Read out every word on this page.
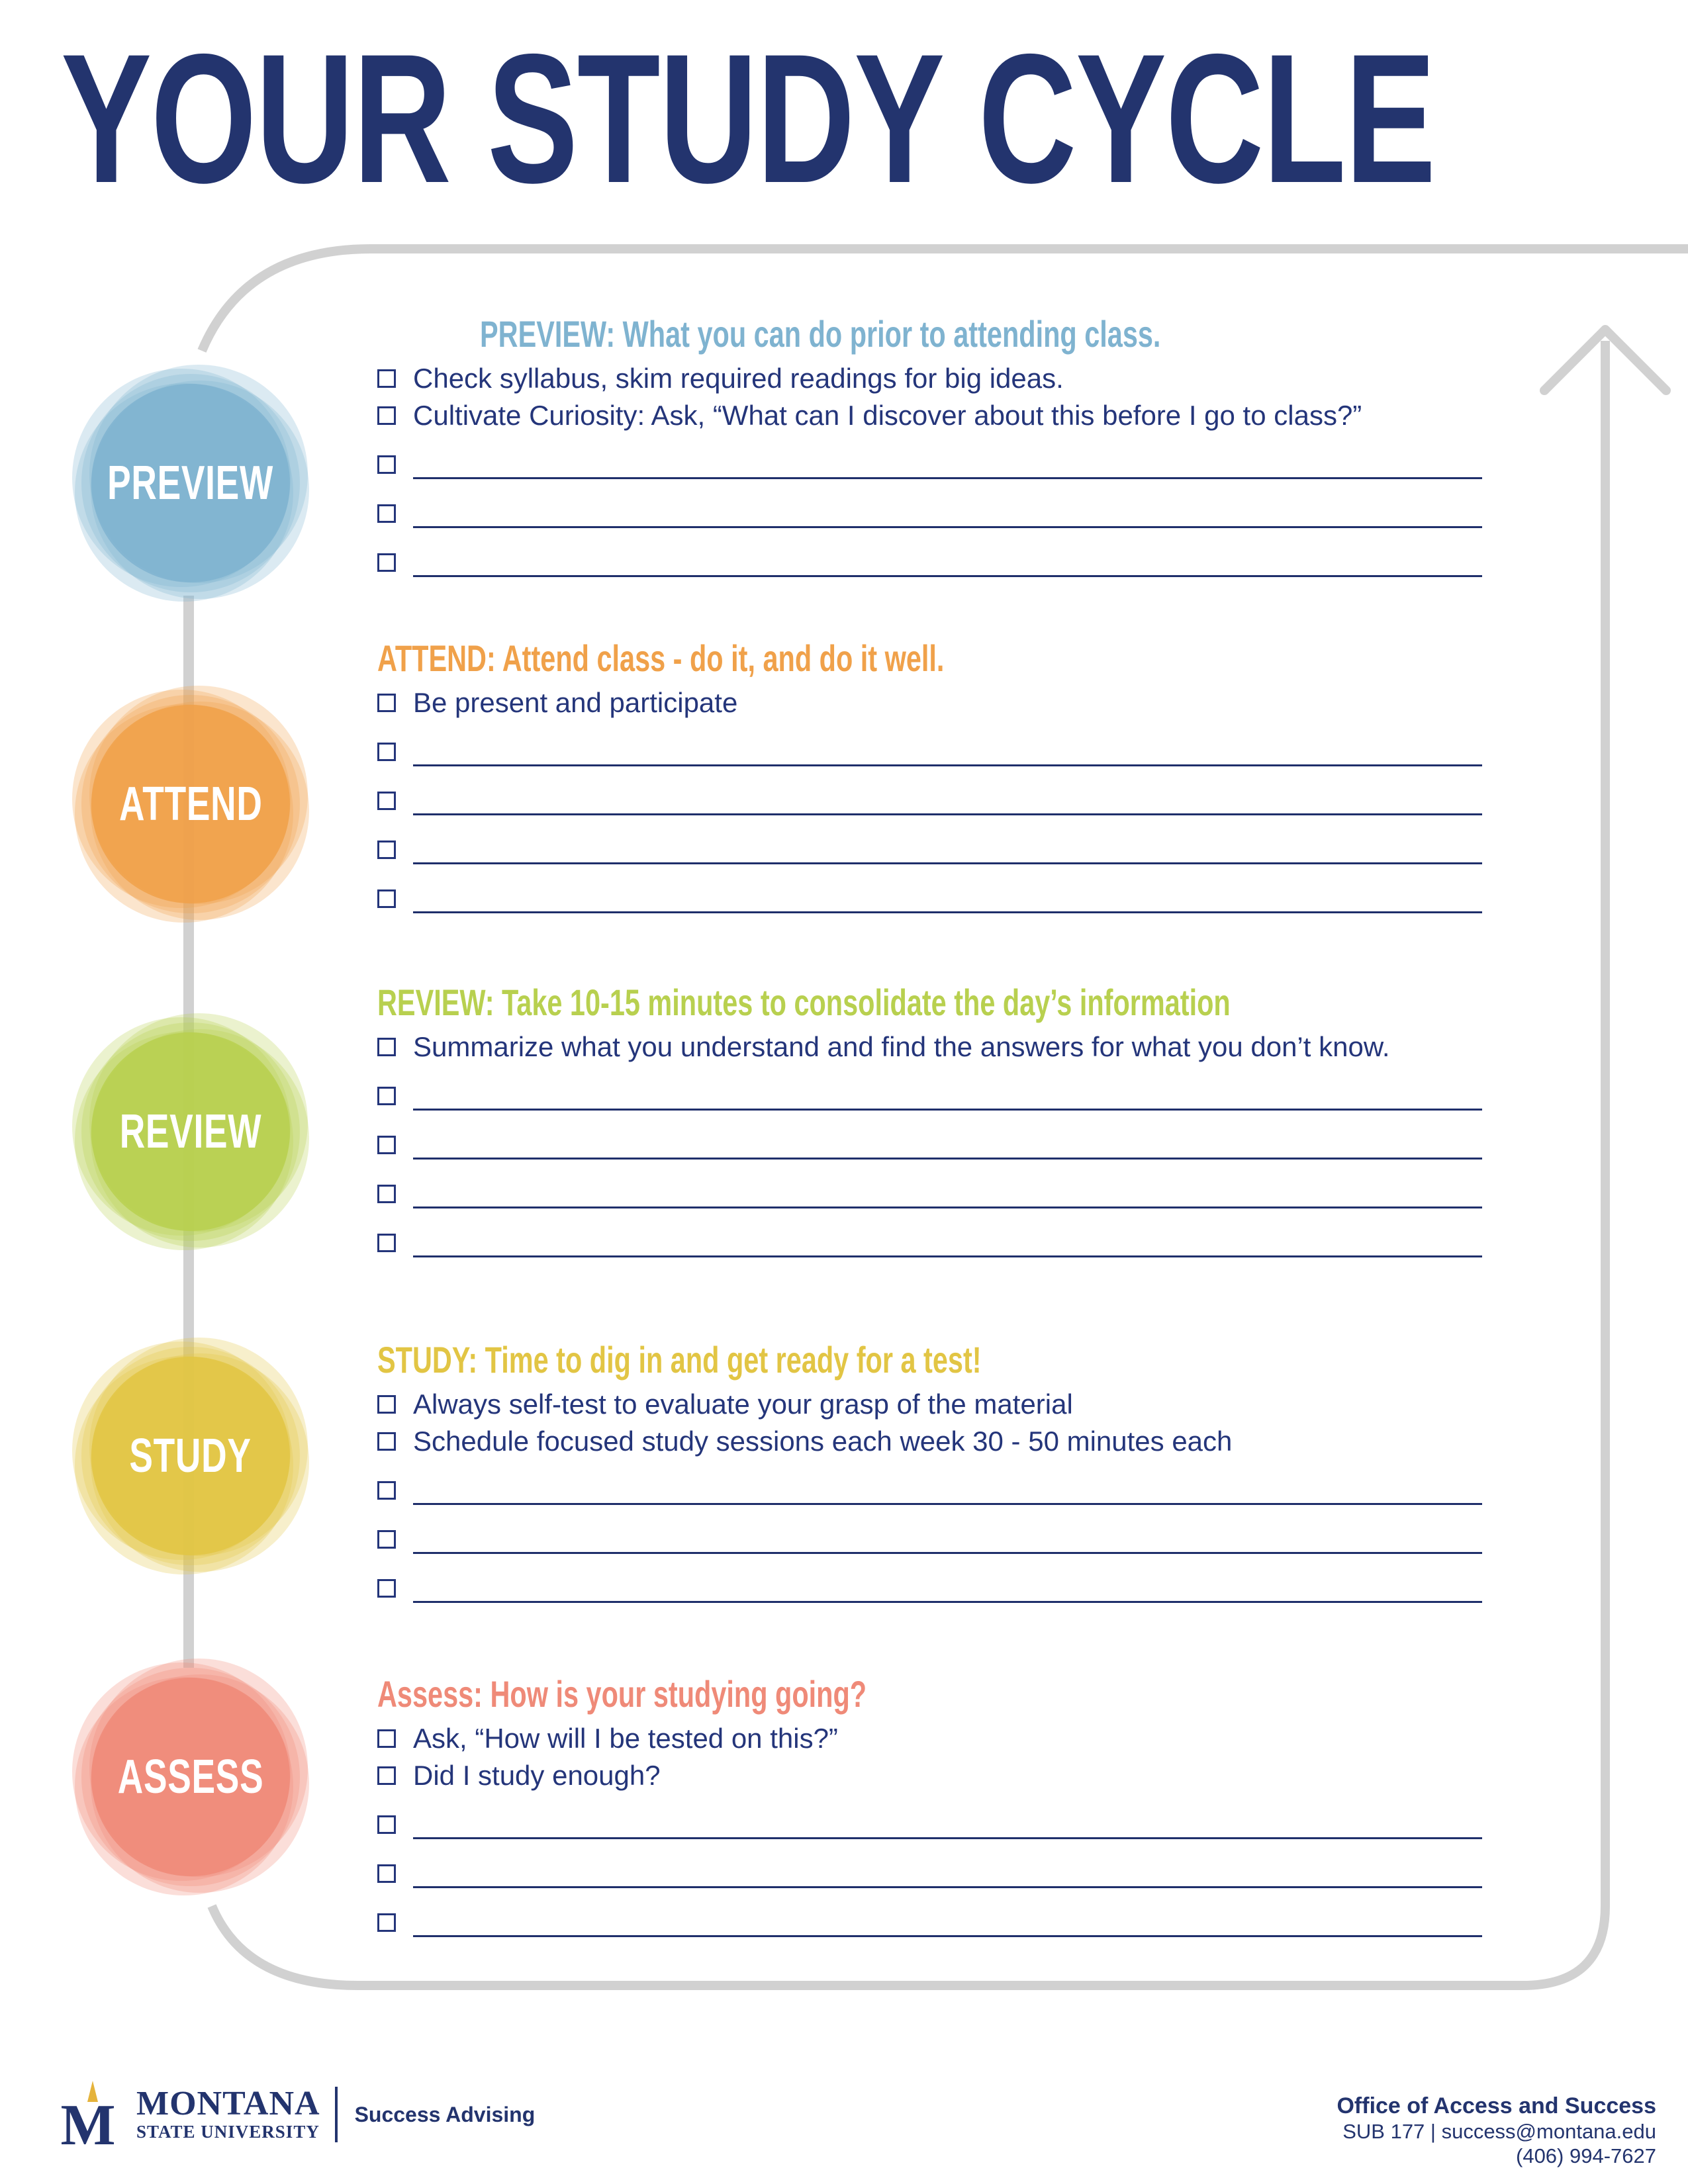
YOUR STUDY CYCLE
PREVIEW
ATTEND
REVIEW
STUDY
ASSESS
PREVIEW: What you can do prior to attending class.
Check syllabus, skim required readings for big ideas.
Cultivate Curiosity: Ask, “What can I discover about this before I go to class?”
ATTEND: Attend class - do it, and do it well.
Be present and participate
REVIEW: Take 10-15 minutes to consolidate the day’s information
Summarize what you understand and find the answers for what you don’t know.
STUDY: Time to dig in and get ready for a test!
Always self-test to evaluate your grasp of the material
Schedule focused study sessions each week 30 - 50 minutes each
Assess: How is your studying going?
Ask, “How will I be tested on this?”
Did I study enough?
M MONTANA
STATE UNIVERSITY
Success Advising	Office of Access and Success
SUB 177 | success@montana.edu
(406) 994-7627
